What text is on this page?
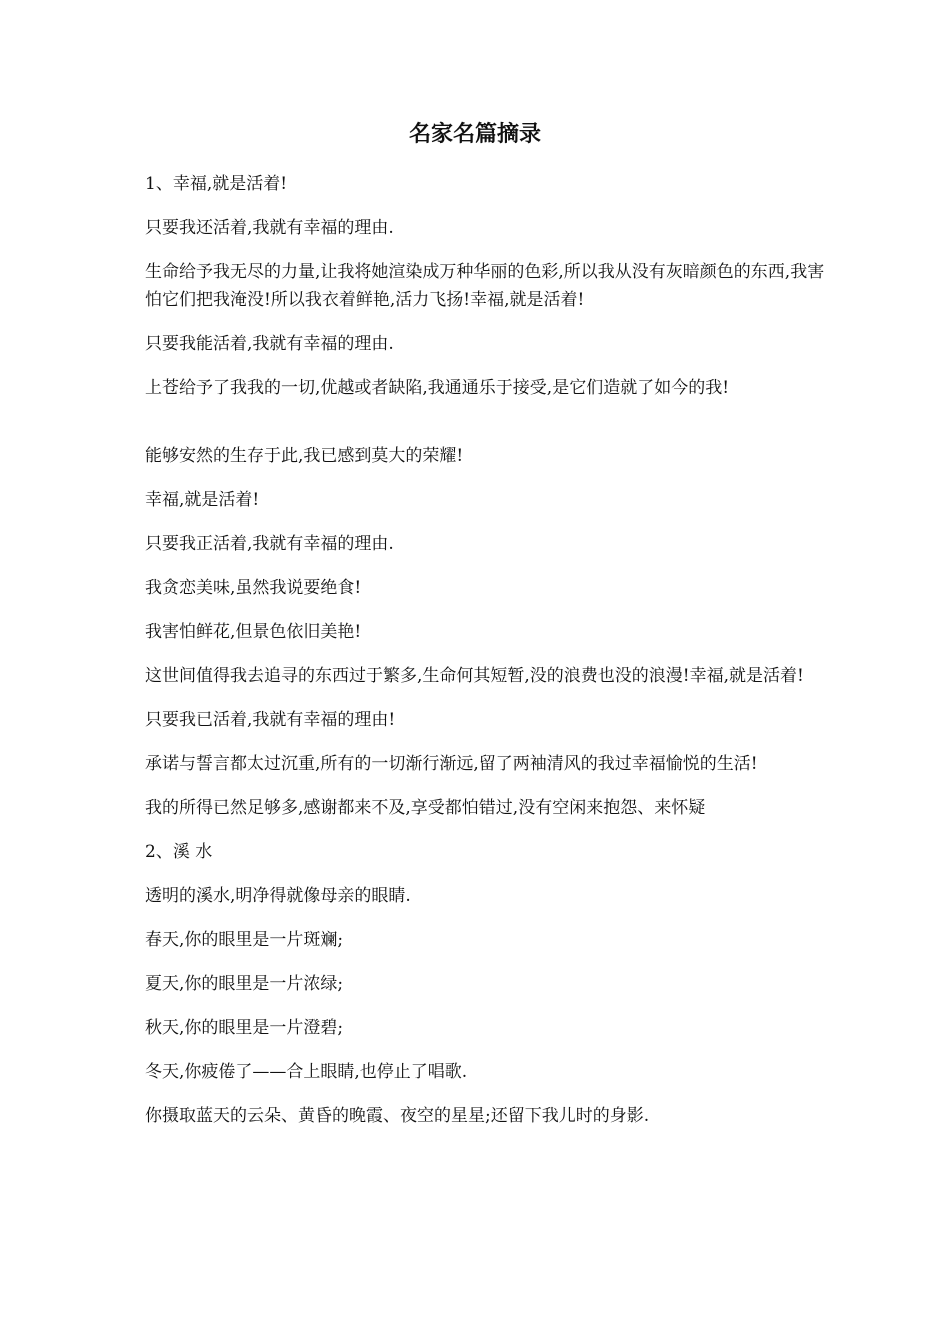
名家名篇摘录

1、幸福,就是活着!

只要我还活着,我就有幸福的理由.

生命给予我无尽的力量,让我将她渲染成万种华丽的色彩,所以我从没有灰暗颜色的东西,我害怕它们把我淹没!所以我衣着鲜艳,活力飞扬!幸福,就是活着!

只要我能活着,我就有幸福的理由.

上苍给予了我我的一切,优越或者缺陷,我通通乐于接受,是它们造就了如今的我!

能够安然的生存于此,我已感到莫大的荣耀!

幸福,就是活着!

只要我正活着,我就有幸福的理由.

我贪恋美味,虽然我说要绝食!

我害怕鲜花,但景色依旧美艳!

这世间值得我去追寻的东西过于繁多,生命何其短暂,没的浪费也没的浪漫!幸福,就是活着!

只要我已活着,我就有幸福的理由!

承诺与誓言都太过沉重,所有的一切渐行渐远,留了两袖清风的我过幸福愉悦的生活!

我的所得已然足够多,感谢都来不及,享受都怕错过,没有空闲来抱怨、来怀疑

2、溪 水

透明的溪水,明净得就像母亲的眼睛.

春天,你的眼里是一片斑斓;

夏天,你的眼里是一片浓绿;

秋天,你的眼里是一片澄碧;

冬天,你疲倦了——合上眼睛,也停止了唱歌.

你摄取蓝天的云朵、黄昏的晚霞、夜空的星星;还留下我儿时的身影.
